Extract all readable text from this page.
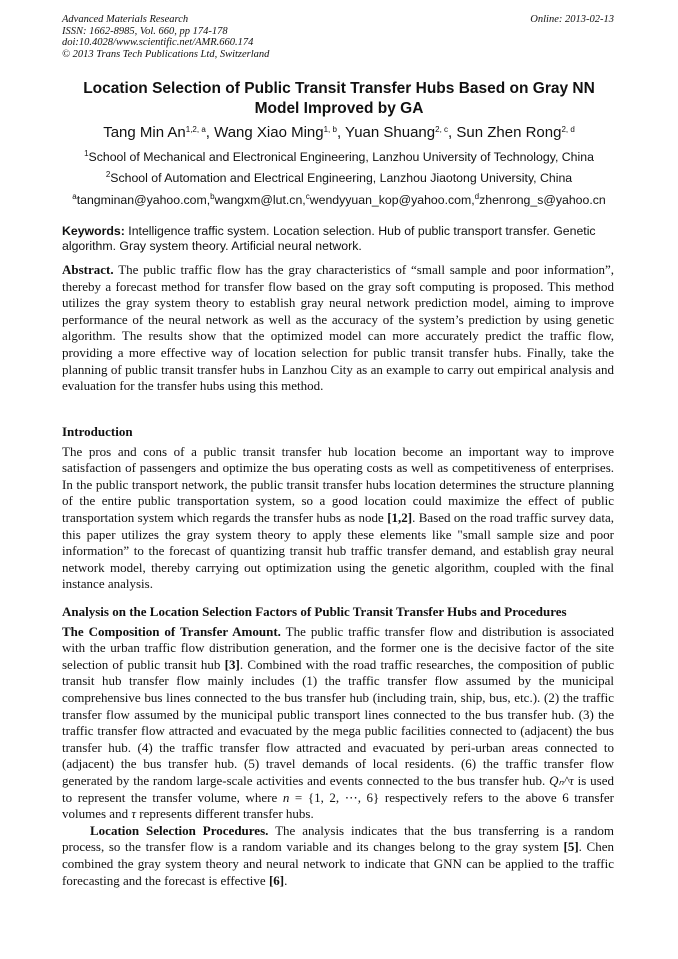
Advanced Materials Research
ISSN: 1662-8985, Vol. 660, pp 174-178
doi:10.4028/www.scientific.net/AMR.660.174
© 2013 Trans Tech Publications Ltd, Switzerland
Online: 2013-02-13
Location Selection of Public Transit Transfer Hubs Based on Gray NN Model Improved by GA
Tang Min An$^{1,2, a}$, Wang Xiao Ming$^{1, b}$, Yuan Shuang$^{2, c}$, Sun Zhen Rong$^{2, d}$
$^1$School of Mechanical and Electronical Engineering, Lanzhou University of Technology, China
$^2$School of Automation and Electrical Engineering, Lanzhou Jiaotong University, China
$^a$tangminan@yahoo.com,$^b$wangxm@lut.cn,$^c$wendyyuan_kop@yahoo.com,$^d$zhenrong_s@yahoo.cn
Keywords: Intelligence traffic system. Location selection. Hub of public transport transfer. Genetic algorithm. Gray system theory. Artificial neural network.

Abstract. The public traffic flow has the gray characteristics of “small sample and poor information”, thereby a forecast method for transfer flow based on the gray soft computing is proposed. This method utilizes the gray system theory to establish gray neural network prediction model, aiming to improve performance of the neural network as well as the accuracy of the system’s prediction by using genetic algorithm. The results show that the optimized model can more accurately predict the traffic flow, providing a more effective way of location selection for public transit transfer hubs. Finally, take the planning of public transit transfer hubs in Lanzhou City as an example to carry out empirical analysis and evaluation for the transfer hubs using this method.

Introduction

The pros and cons of a public transit transfer hub location become an important way to improve satisfaction of passengers and optimize the bus operating costs as well as competitiveness of enterprises. In the public transport network, the public transit transfer hubs location determines the structure planning of the entire public transportation system, so a good location could maximize the effect of public transportation system which regards the transfer hubs as node [1,2]. Based on the road traffic survey data, this paper utilizes the gray system theory to apply these elements like "small sample size and poor information” to the forecast of quantizing transit hub traffic transfer demand, and establish gray neural network model, thereby carrying out optimization using the genetic algorithm, coupled with the final instance analysis.

Analysis on the Location Selection Factors of Public Transit Transfer Hubs and Procedures

The Composition of Transfer Amount. The public traffic transfer flow and distribution is associated with the urban traffic flow distribution generation, and the former one is the decisive factor of the site selection of public transit hub [3]. Combined with the road traffic researches, the composition of public transit hub transfer flow mainly includes (1) the traffic transfer flow assumed by the municipal comprehensive bus lines connected to the bus transfer hub (including train, ship, bus, etc.). (2) the traffic transfer flow assumed by the municipal public transport lines connected to the bus transfer hub. (3) the traffic transfer flow attracted and evacuated by the mega public facilities connected to (adjacent) the bus transfer hub. (4) the traffic transfer flow attracted and evacuated by peri-urban areas connected to (adjacent) the bus transfer hub. (5) travel demands of local residents. (6) the traffic transfer flow generated by the random large-scale activities and events connected to the bus transfer hub. Qₙ^τ is used to represent the transfer volume, where n = {1, 2, ⋯, 6} respectively refers to the above 6 transfer volumes and τ represents different transfer hubs.

Location Selection Procedures. The analysis indicates that the bus transferring is a random process, so the transfer flow is a random variable and its changes belong to the gray system [5]. Chen combined the gray system theory and neural network to indicate that GNN can be applied to the traffic forecasting and the forecast is effective [6].
